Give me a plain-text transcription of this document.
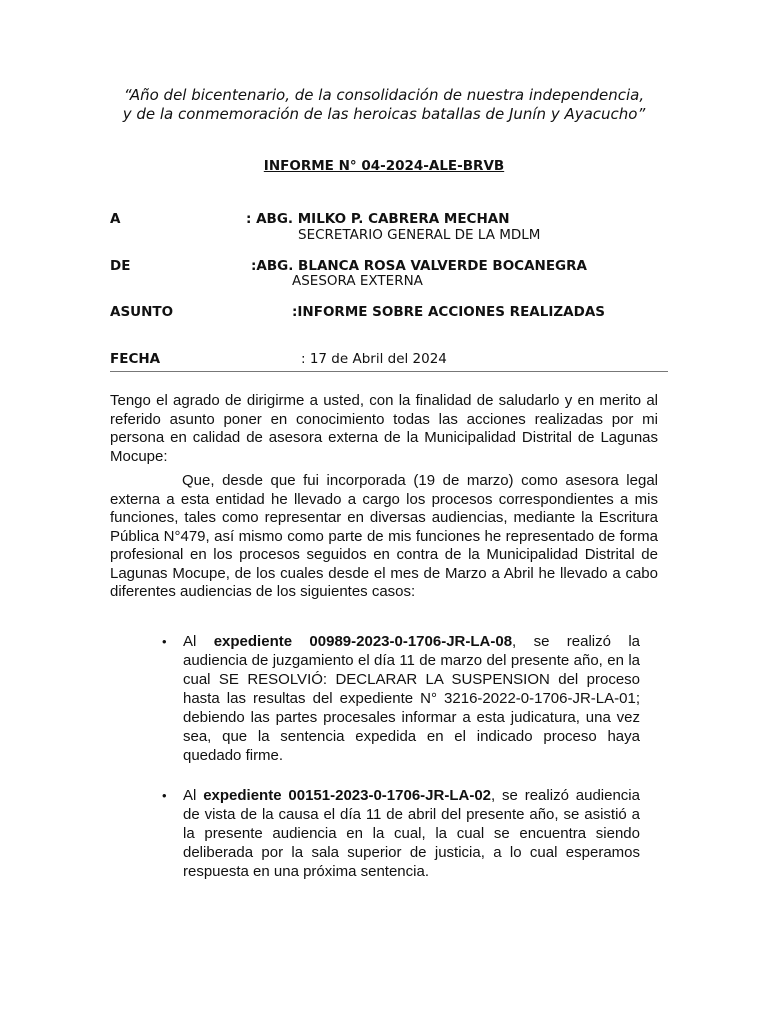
“Año del bicentenario, de la consolidación de nuestra independencia,
y de la conmemoración de las heroicas batallas de Junín y Ayacucho”
INFORME N° 04-2024-ALE-BRVB
A	: ABG. MILKO P. CABRERA MECHAN
SECRETARIO GENERAL DE LA MDLM
DE	:ABG. BLANCA ROSA VALVERDE BOCANEGRA
ASESORA EXTERNA
ASUNTO	:INFORME SOBRE ACCIONES REALIZADAS
FECHA	: 17 de Abril del 2024
Tengo el agrado de dirigirme a usted, con la finalidad de saludarlo y en merito al referido asunto poner en conocimiento todas las acciones realizadas por mi persona en calidad de asesora externa de la Municipalidad Distrital de Lagunas Mocupe:
Que, desde que fui incorporada (19 de marzo) como asesora legal externa a esta entidad he llevado a cargo los procesos correspondientes a mis funciones, tales como representar en diversas audiencias, mediante la Escritura Pública N°479, así mismo como parte de mis funciones he representado de forma profesional en los procesos seguidos en contra de la Municipalidad Distrital de Lagunas Mocupe, de los cuales desde el mes de Marzo a Abril he llevado a cabo diferentes audiencias de los siguientes casos:
• Al expediente 00989-2023-0-1706-JR-LA-08, se realizó la audiencia de juzgamiento el día 11 de marzo del presente año, en la cual SE RESOLVIÓ: DECLARAR LA SUSPENSION del proceso hasta las resultas del expediente N° 3216-2022-0-1706-JR-LA-01; debiendo las partes procesales informar a esta judicatura, una vez sea, que la sentencia expedida en el indicado proceso haya quedado firme.
• Al expediente 00151-2023-0-1706-JR-LA-02, se realizó audiencia de vista de la causa el día 11 de abril del presente año, se asistió a la presente audiencia en la cual, la cual se encuentra siendo deliberada por la sala superior de justicia, a lo cual esperamos respuesta en una próxima sentencia.
